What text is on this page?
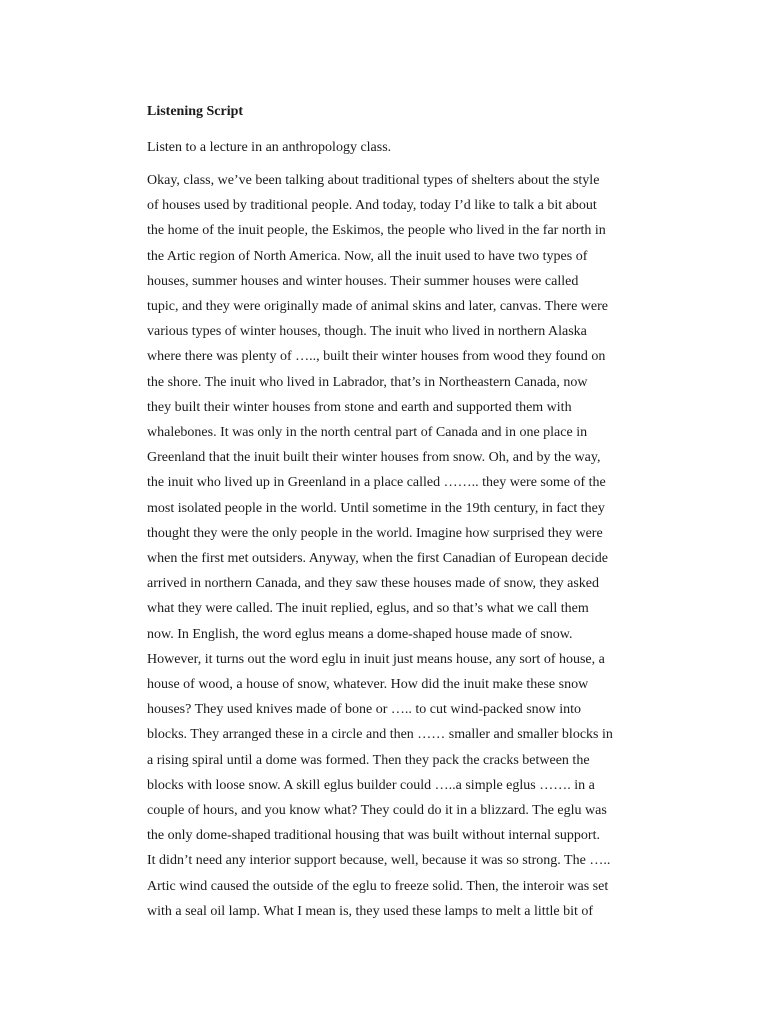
Listening Script
Listen to a lecture in an anthropology class.
Okay, class, we’ve been talking about traditional types of shelters about the style
of houses used by traditional people. And today, today I’d like to talk a bit about
the home of the inuit people, the Eskimos, the people who lived in the far north in
the Artic region of North America. Now, all the inuit used to have two types of
houses, summer houses and winter houses. Their summer houses were called
tupic, and they were originally made of animal skins and later, canvas. There were
various types of winter houses, though. The inuit who lived in northern Alaska
where there was plenty of ….., built their winter houses from wood they found on
the shore. The inuit who lived in Labrador, that’s in Northeastern Canada, now
they built their winter houses from stone and earth and supported them with
whalebones. It was only in the north central part of Canada and in one place in
Greenland that the inuit built their winter houses from snow. Oh, and by the way,
the inuit who lived up in Greenland in a place called …….. they were some of the
most isolated people in the world. Until sometime in the 19th century, in fact they
thought they were the only people in the world. Imagine how surprised they were
when the first met outsiders. Anyway, when the first Canadian of European decide
arrived in northern Canada, and they saw these houses made of snow, they asked
what they were called. The inuit replied, eglus, and so that’s what we call them
now. In English, the word eglus means a dome-shaped house made of snow.
However, it turns out the word eglu in inuit just means house, any sort of house, a
house of wood, a house of snow, whatever. How did the inuit make these snow
houses? They used knives made of bone or ….. to cut wind-packed snow into
blocks. They arranged these in a circle and then …… smaller and smaller blocks in
a rising spiral until a dome was formed. Then they pack the cracks between the
blocks with loose snow. A skill eglus builder could …..a simple eglus ……. in a
couple of hours, and you know what? They could do it in a blizzard. The eglu was
the only dome-shaped traditional housing that was built without internal support.
It didn’t need any interior support because, well, because it was so strong. The …..
Artic wind caused the outside of the eglu to freeze solid. Then, the interoir was set
with a seal oil lamp. What I mean is, they used these lamps to melt a little bit of
